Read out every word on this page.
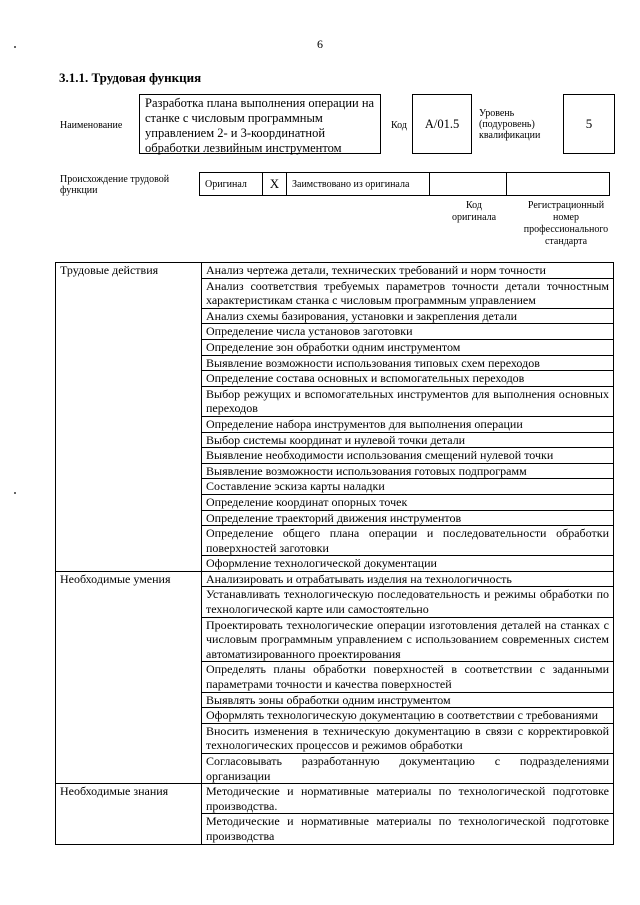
6
3.1.1. Трудовая функция
Наименование
Разработка плана выполнения операции на станке с числовым программным управлением 2- и 3-координатной обработки лезвийным инструментом
Код	A/01.5
Уровень (подуровень) квалификации
5
Происхождение трудовой функции
Оригинал	X	Заимствовано из оригинала		
Код оригинала
Регистрационный номер профессионального стандарта
Трудовые действия	Анализ чертежа детали, технических требований и норм точности
	Анализ соответствия требуемых параметров точности детали точностным характеристикам станка с числовым программным управлением
	Анализ схемы базирования, установки и закрепления детали
	Определение числа установов заготовки
	Определение зон обработки одним инструментом
	Выявление возможности использования типовых схем переходов
	Определение состава основных и вспомогательных переходов
	Выбор режущих и вспомогательных инструментов для выполнения основных переходов
	Определение набора инструментов для выполнения операции
	Выбор системы координат и нулевой точки детали
	Выявление необходимости использования смещений нулевой точки
	Выявление возможности использования готовых подпрограмм
	Составление эскиза карты наладки
	Определение координат опорных точек
	Определение траекторий движения инструментов
	Определение общего плана операции и последовательности обработки поверхностей заготовки
	Оформление технологической документации
Необходимые умения	Анализировать и отрабатывать изделия на технологичность
	Устанавливать технологическую последовательность и режимы обработки по технологической карте или самостоятельно
	Проектировать технологические операции изготовления деталей на станках с числовым программным управлением с использованием современных систем автоматизированного проектирования
	Определять планы обработки поверхностей в соответствии с заданными параметрами точности и качества поверхностей
	Выявлять зоны обработки одним инструментом
	Оформлять технологическую документацию в соответствии с требованиями
	Вносить изменения в техническую документацию в связи с корректировкой технологических процессов и режимов обработки
	Согласовывать разработанную документацию с подразделениями организации
Необходимые знания	Методические и нормативные материалы по технологической подготовке производства.
	Методические и нормативные материалы по технологической подготовке производства
